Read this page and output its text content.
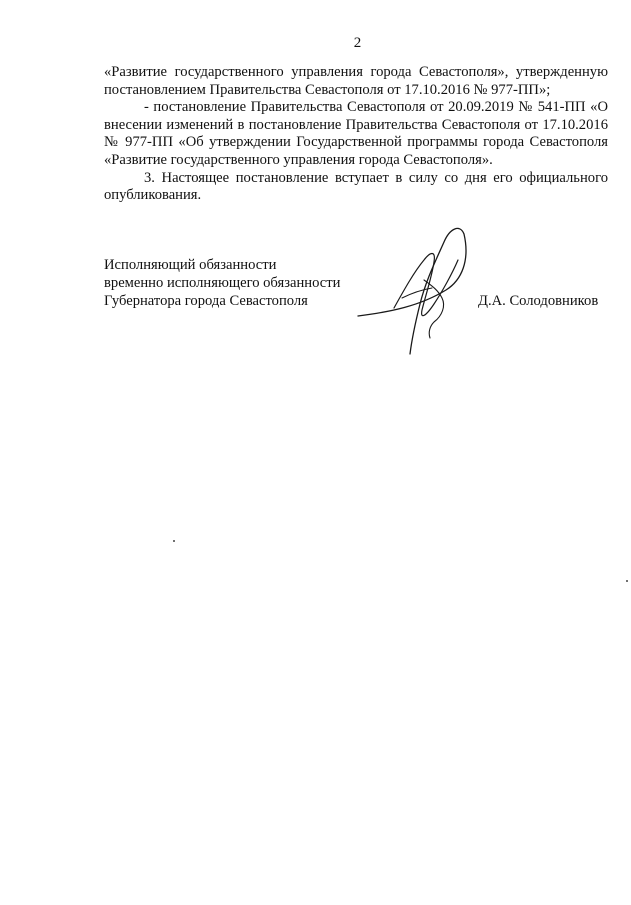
2

«Развитие государственного управления города Севастополя», утвержденную постановлением Правительства Севастополя от 17.10.2016 № 977-ПП»;

- постановление Правительства Севастополя от 20.09.2019 № 541-ПП «О внесении изменений в постановление Правительства Севастополя от 17.10.2016 № 977-ПП «Об утверждении Государственной программы города Севастополя «Развитие государственного управления города Севастополя».

3. Настоящее постановление вступает в силу со дня его официального опубликования.

Исполняющий обязанности
временно исполняющего обязанности
Губернатора города Севастополя	Д.А. Солодовников
